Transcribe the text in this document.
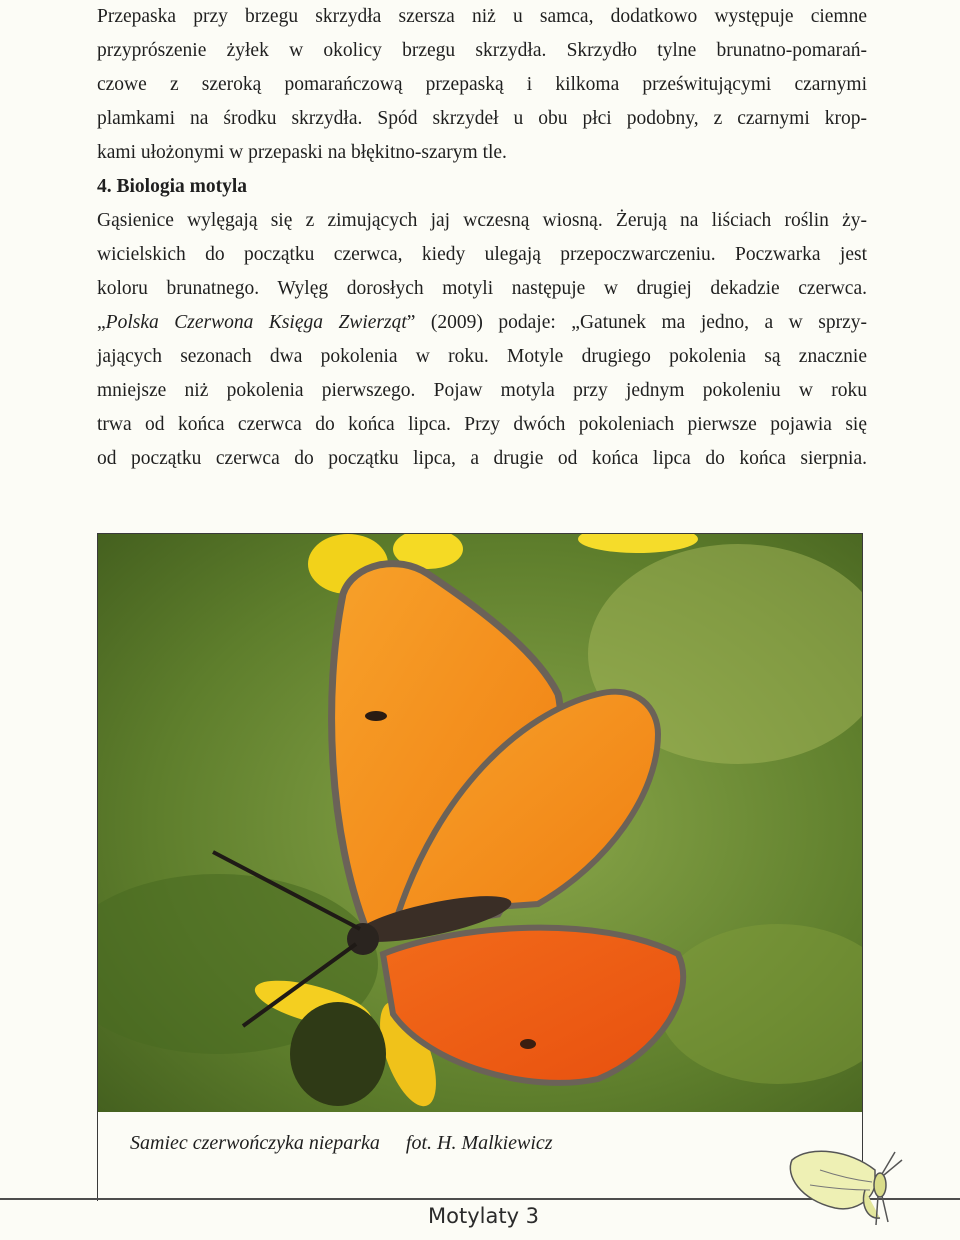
Przepaska przy brzegu skrzydła szersza niż u samca, dodatkowo występuje ciemne
przyprószenie żyłek w okolicy brzegu skrzydła. Skrzydło tylne brunatno-pomarań-
czowe z szeroką pomarańczową przepaską i kilkoma prześwitującymi czarnymi
plamkami na środku skrzydła. Spód skrzydeł u obu płci podobny, z czarnymi krop-
kami ułożonymi w przepaski na błękitno-szarym tle.
4. Biologia motyla
Gąsienice wylęgają się z zimujących jaj wczesną wiosną. Żerują na liściach roślin ży-
wicielskich do początku czerwca, kiedy ulegają przepoczwarczeniu. Poczwarka jest
koloru brunatnego. Wylęg dorosłych motyli następuje w drugiej dekadzie czerwca.
„Polska Czerwona Księga Zwierząt” (2009) podaje: „Gatunek ma jedno, a w sprzy-
jających sezonach dwa pokolenia w roku. Motyle drugiego pokolenia są znacznie
mniejsze niż pokolenia pierwszego. Pojaw motyla przy jednym pokoleniu w roku
trwa od końca czerwca do końca lipca. Przy dwóch pokoleniach pierwsze pojawia się
od początku czerwca do początku lipca, a drugie od końca lipca do końca sierpnia.
Samiec czerwończyka nieparka fot. H. Malkiewicz
Motylaty 3
